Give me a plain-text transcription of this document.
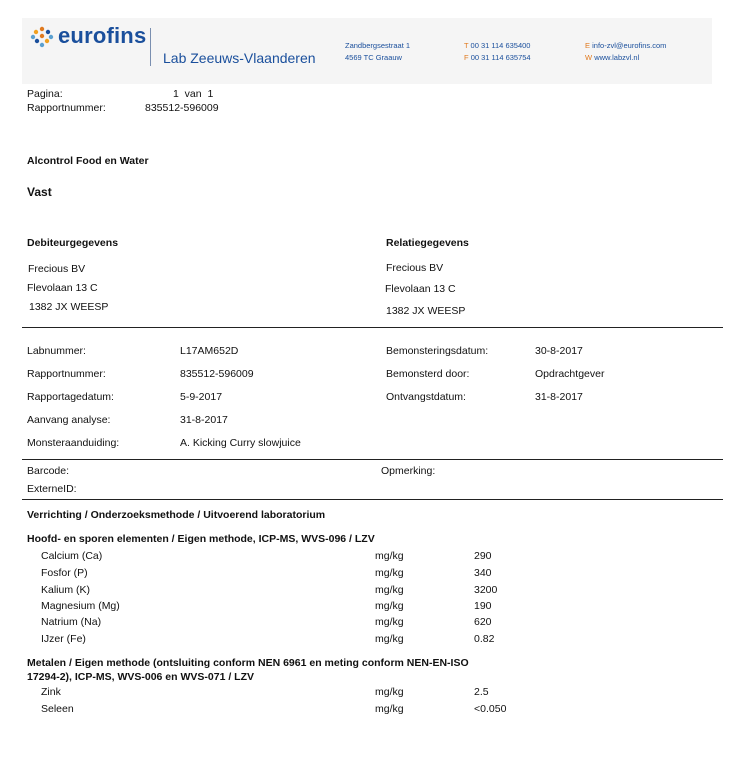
eurofins
Lab Zeeuws-Vlaanderen
Zandbergsestraat 1
4569 TC Graauw
T 00 31 114 635400
F 00 31 114 635754
E info-zvl@eurofins.com
W www.labzvl.nl
Pagina:	1  van  1
Rapportnummer:	835512-596009
Alcontrol Food en Water
Vast
Debiteurgegevens
Frecious BV
Flevolaan 13 C
1382 JX WEESP
Relatiegegevens
Frecious BV
Flevolaan 13 C
1382 JX WEESP
Labnummer:	L17AM652D
Rapportnummer:	835512-596009
Rapportagedatum:	5-9-2017
Aanvang analyse:	31-8-2017
Monsteraanduiding:	A. Kicking Curry slowjuice
Bemonsteringsdatum:	30-8-2017
Bemonsterd door:	Opdrachtgever
Ontvangstdatum:	31-8-2017
Barcode:
ExterneID:
Opmerking:
Verrichting / Onderzoeksmethode / Uitvoerend laboratorium
Hoofd- en sporen elementen / Eigen methode, ICP-MS, WVS-096 / LZV
Calcium (Ca)	mg/kg	290
Fosfor (P)	mg/kg	340
Kalium (K)	mg/kg	3200
Magnesium (Mg)	mg/kg	190
Natrium (Na)	mg/kg	620
IJzer (Fe)	mg/kg	0.82
Metalen / Eigen methode (ontsluiting conform NEN 6961 en meting conform NEN-EN-ISO
17294-2), ICP-MS, WVS-006 en WVS-071 / LZV
Zink	mg/kg	2.5
Seleen	mg/kg	<0.050
